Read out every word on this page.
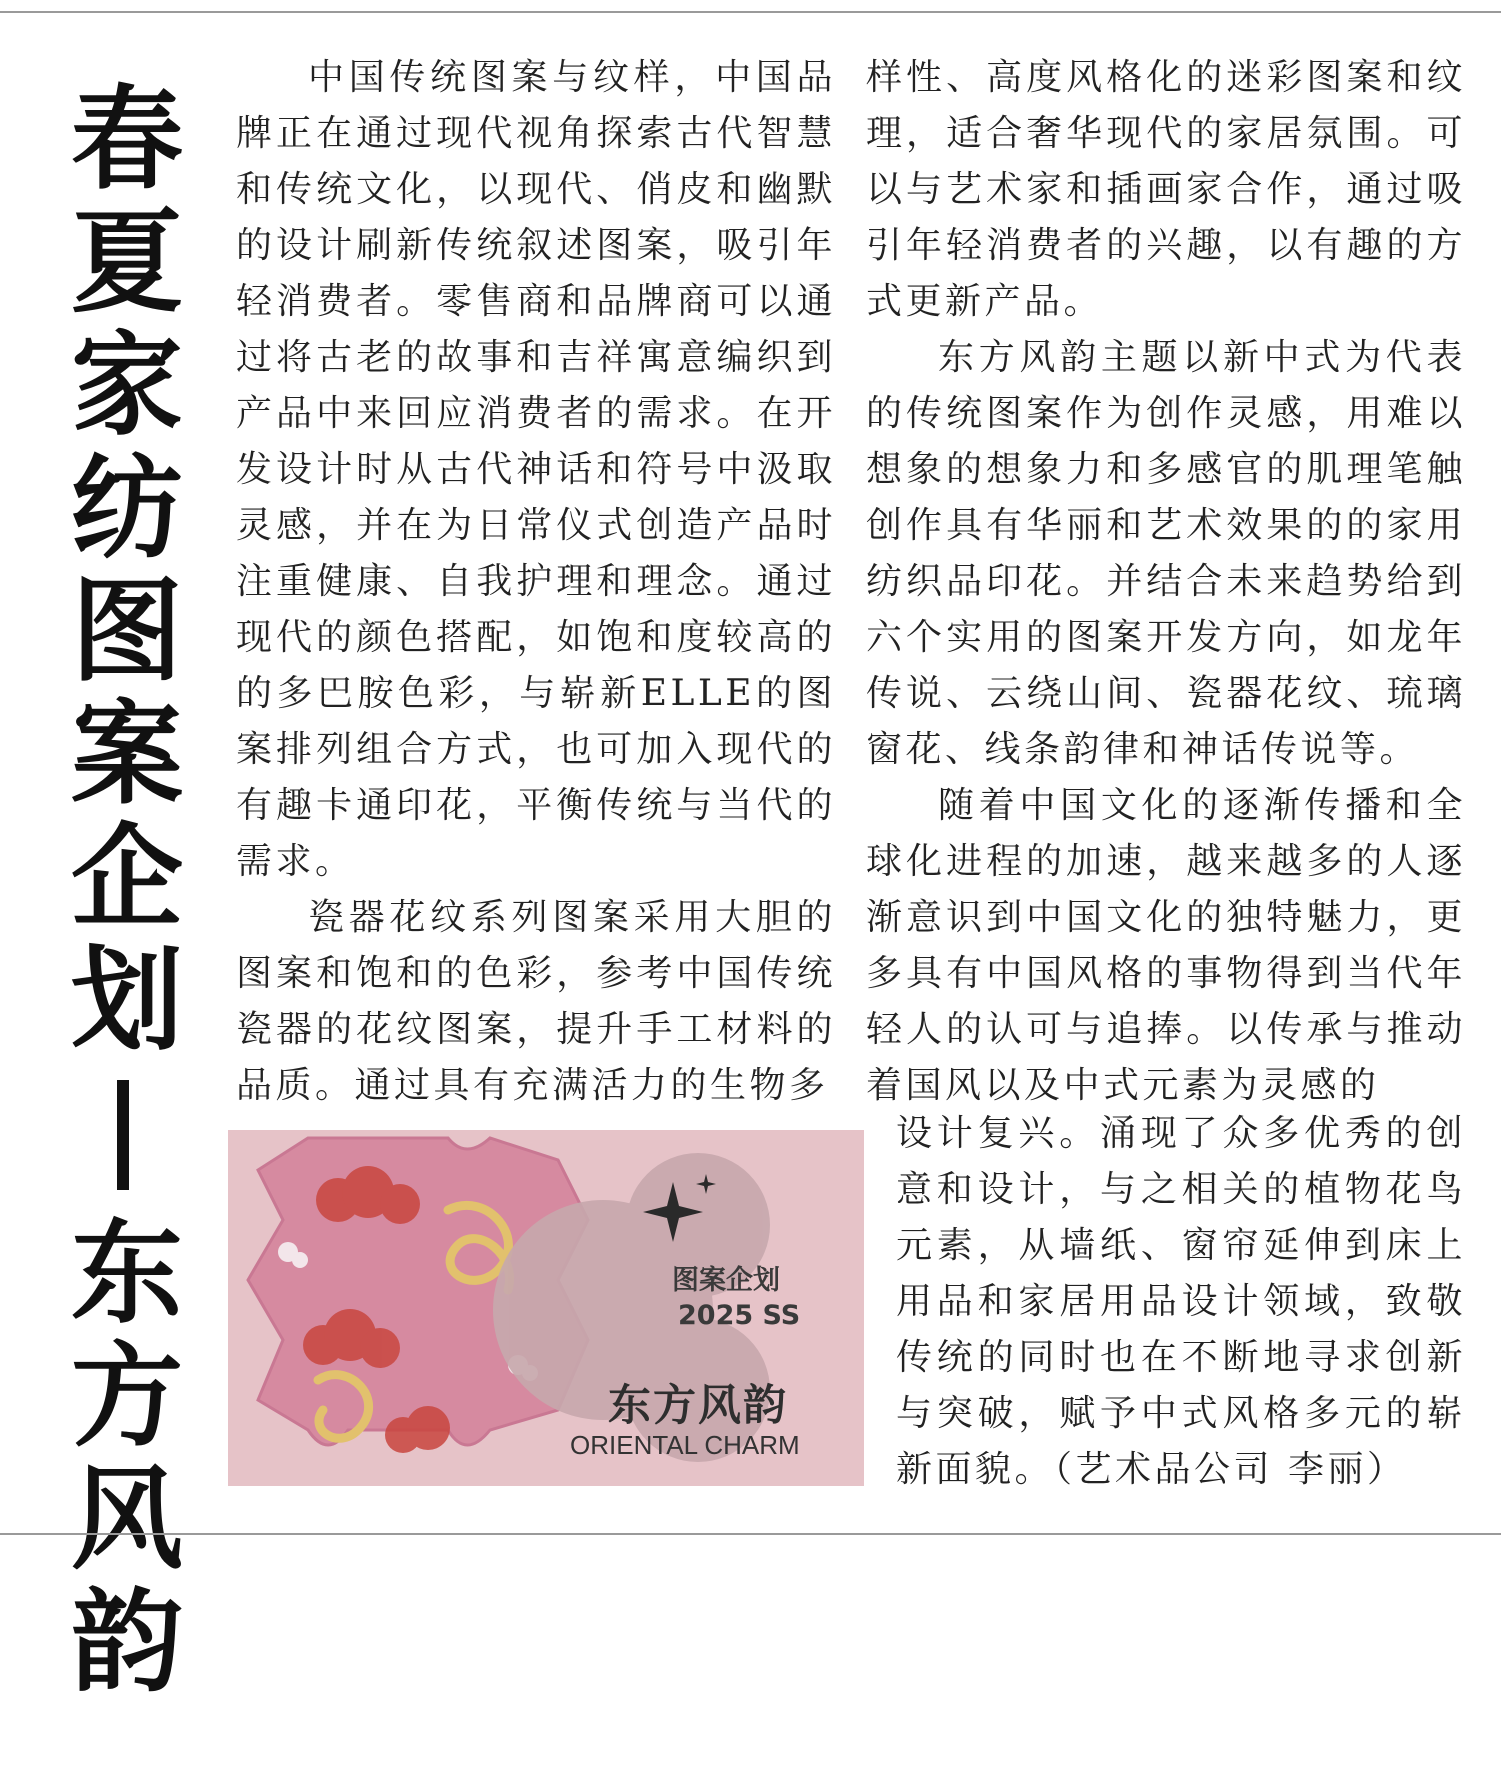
春
夏
家
纺
图
案
企
划
东
方
风
韵

中国传统图案与纹样，中国品牌正在通过现代视角探索古代智慧和传统文化，以现代、俏皮和幽默的设计刷新传统叙述图案，吸引年轻消费者。零售商和品牌商可以通过将古老的故事和吉祥寓意编织到产品中来回应消费者的需求。在开发设计时从古代神话和符号中汲取灵感，并在为日常仪式创造产品时注重健康、自我护理和理念。通过现代的颜色搭配，如饱和度较高的的多巴胺色彩，与崭新ELLE的图案排列组合方式，也可加入现代的有趣卡通印花，平衡传统与当代的需求。

瓷器花纹系列图案采用大胆的图案和饱和的色彩，参考中国传统瓷器的花纹图案，提升手工材料的品质。通过具有充满活力的生物多

样性、高度风格化的迷彩图案和纹理，适合奢华现代的家居氛围。可以与艺术家和插画家合作，通过吸引年轻消费者的兴趣，以有趣的方式更新产品。

东方风韵主题以新中式为代表的传统图案作为创作灵感，用难以想象的想象力和多感官的肌理笔触创作具有华丽和艺术效果的的家用纺织品印花。并结合未来趋势给到六个实用的图案开发方向，如龙年传说、云绕山间、瓷器花纹、琉璃窗花、线条韵律和神话传说等。

随着中国文化的逐渐传播和全球化进程的加速，越来越多的人逐渐意识到中国文化的独特魅力，更多具有中国风格的事物得到当代年轻人的认可与追捧。以传承与推动着国风以及中式元素为灵感的

设计复兴。涌现了众多优秀的创意和设计，与之相关的植物花鸟元素，从墙纸、窗帘延伸到床上用品和家居用品设计领域，致敬传统的同时也在不断地寻求创新与突破，赋予中式风格多元的崭新面貌。（艺术品公司 李丽）

图案企划
2025 SS
东方风韵
ORIENTAL CHARM
